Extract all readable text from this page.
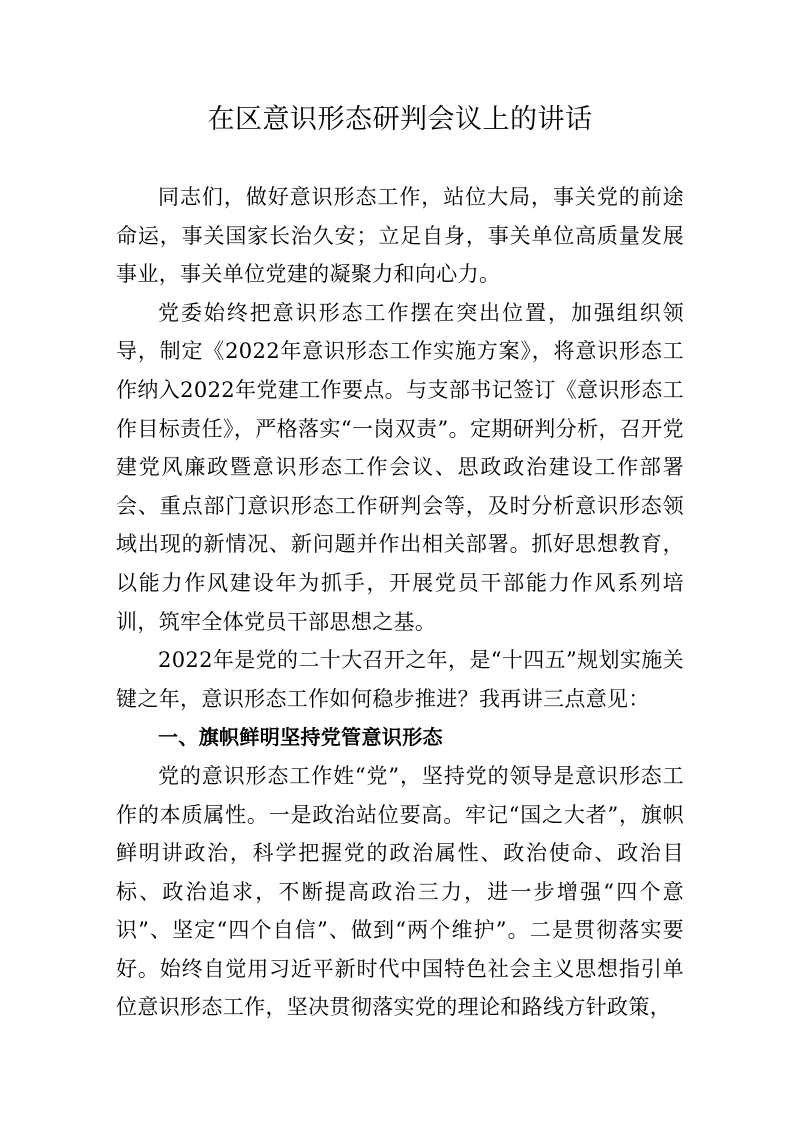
在区意识形态研判会议上的讲话

同志们，做好意识形态工作，站位大局，事关党的前途命运，事关国家长治久安；立足自身，事关单位高质量发展事业，事关单位党建的凝聚力和向心力。

党委始终把意识形态工作摆在突出位置，加强组织领导，制定《2022年意识形态工作实施方案》，将意识形态工作纳入2022年党建工作要点。与支部书记签订《意识形态工作目标责任》，严格落实“一岗双责”。定期研判分析，召开党建党风廉政暨意识形态工作会议、思政政治建设工作部署会、重点部门意识形态工作研判会等，及时分析意识形态领域出现的新情况、新问题并作出相关部署。抓好思想教育，以能力作风建设年为抓手，开展党员干部能力作风系列培训，筑牢全体党员干部思想之基。

2022年是党的二十大召开之年，是“十四五”规划实施关键之年，意识形态工作如何稳步推进？我再讲三点意见：

一、旗帜鲜明坚持党管意识形态

党的意识形态工作姓“党”，坚持党的领导是意识形态工作的本质属性。一是政治站位要高。牢记“国之大者”，旗帜鲜明讲政治，科学把握党的政治属性、政治使命、政治目标、政治追求，不断提高政治三力，进一步增强“四个意识”、坚定“四个自信”、做到“两个维护”。二是贯彻落实要好。始终自觉用习近平新时代中国特色社会主义思想指引单位意识形态工作，坚决贯彻落实党的理论和路线方针政策，
